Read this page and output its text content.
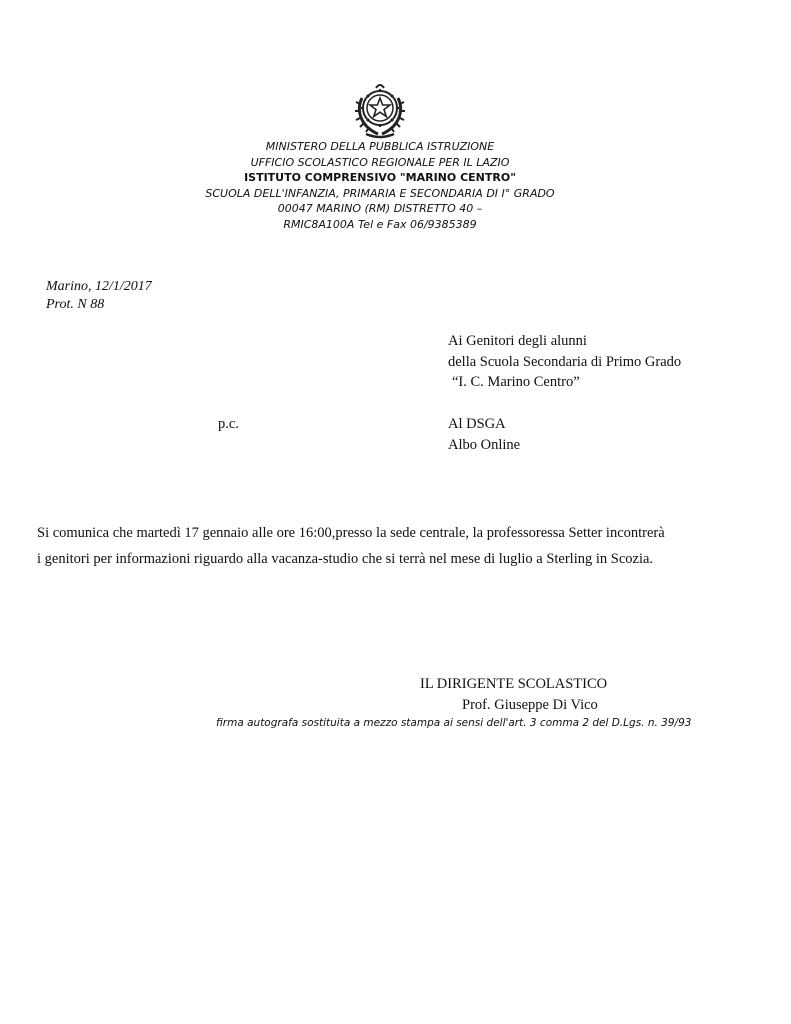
MINISTERO DELLA PUBBLICA ISTRUZIONE
UFFICIO SCOLASTICO REGIONALE PER IL LAZIO
ISTITUTO COMPRENSIVO "MARINO CENTRO"
SCUOLA DELL'INFANZIA, PRIMARIA E SECONDARIA DI I° GRADO
00047 MARINO (RM) DISTRETTO 40 –
RMIC8A100A Tel e Fax 06/9385389
Marino, 12/1/2017
Prot. N 88
Ai Genitori degli alunni
della Scuola Secondaria di Primo Grado
“I. C. Marino Centro”
p.c.	Al DSGA
Albo Online
Si comunica che martedì 17 gennaio alle ore 16:00,presso la sede centrale, la professoressa Setter incontrerà
i genitori per informazioni riguardo alla vacanza-studio che si terrà nel mese di luglio a Sterling in Scozia.
IL DIRIGENTE SCOLASTICO
Prof. Giuseppe Di Vico
firma autografa sostituita a mezzo stampa ai sensi dell'art. 3 comma 2 del D.Lgs. n. 39/93
